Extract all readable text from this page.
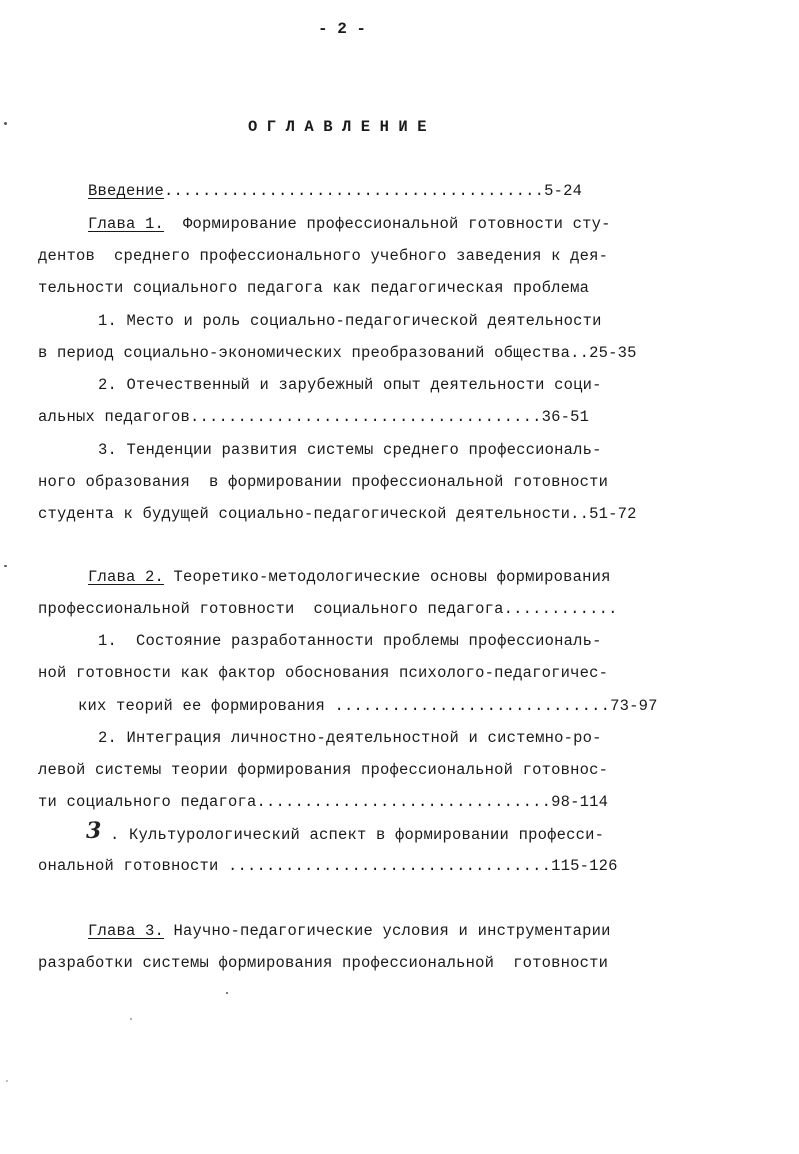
- 2 -
ОГЛАВЛЕНИЕ
Введение........................................5-24
Глава 1.  Формирование профессиональной готовности сту-
дентов  среднего профессионального учебного заведения к дея-
тельности социального педагога как педагогическая проблема
1. Место и роль социально-педагогической деятельности
в период социально-экономических преобразований общества..25-35
2. Отечественный и зарубежный опыт деятельности соци-
альных педагогов.....................................36-51
3. Тенденции развития системы среднего профессиональ-
ного образования  в формировании профессиональной готовности
студента к будущей социально-педагогической деятельности..51-72
Глава 2. Теоретико-методологические основы формирования
профессиональной готовности  социального педагога............
1.  Состояние разработанности проблемы профессиональ-
ной готовности как фактор обоснования психолого-педагогичес-
ких теорий ее формирования .............................73-97
2. Интеграция личностно-деятельностной и системно-ро-
левой системы теории формирования профессиональной готовнос-
ти социального педагога...............................98-114
3 . Культурологический аспект в формировании професси-
ональной готовности ..................................115-126
Глава 3. Научно-педагогические условия и инструментарии
разработки системы формирования профессиональной  готовности
